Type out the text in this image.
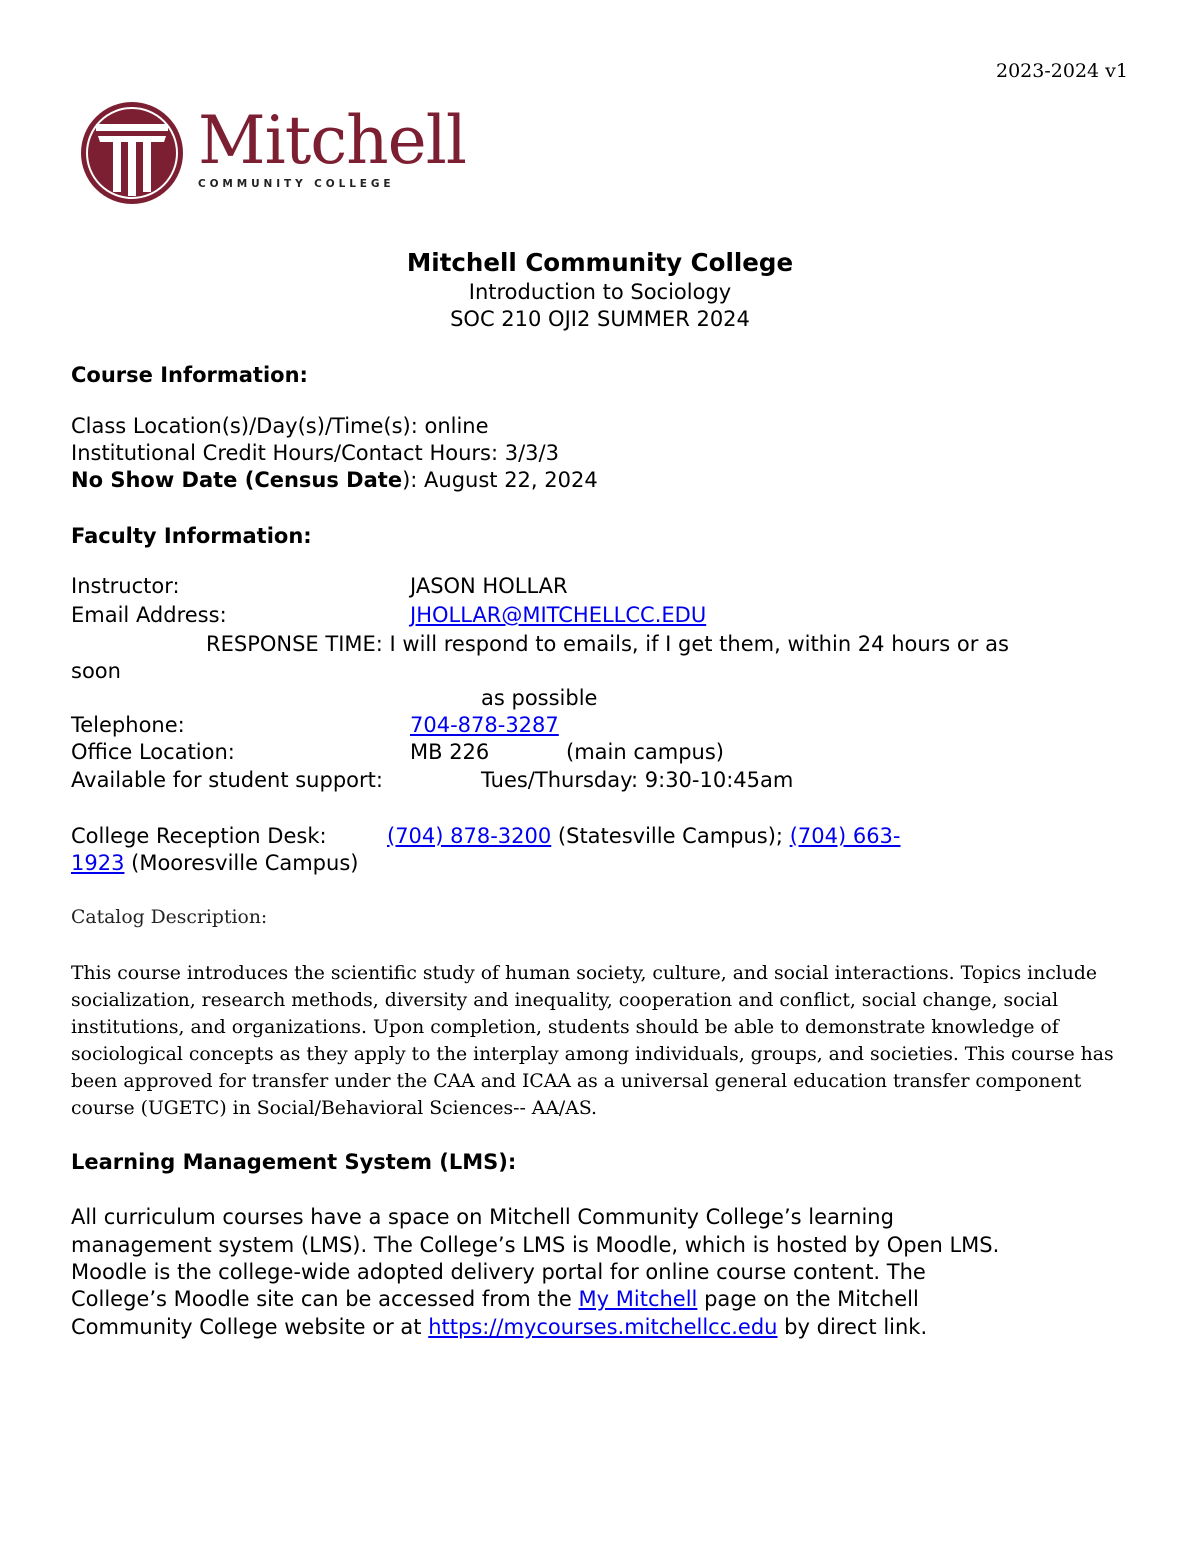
2023-2024 v1
Mitchell
COMMUNITY COLLEGE
Mitchell Community College
Introduction to Sociology
SOC 210 OJI2 SUMMER 2024
Course Information:
Class Location(s)/Day(s)/Time(s): online
Institutional Credit Hours/Contact Hours: 3/3/3
No Show Date (Census Date): August 22, 2024
Faculty Information:
Instructor:	JASON HOLLAR
Email Address:	JHOLLAR@MITCHELLCC.EDU
RESPONSE TIME: I will respond to emails, if I get them, within 24 hours or as
soon
as possible
Telephone:	704-878-3287
Office Location:	MB 226	(main campus)
Available for student support:	Tues/Thursday: 9:30-10:45am
College Reception Desk:	(704) 878-3200 (Statesville Campus); (704) 663-
1923 (Mooresville Campus)
Catalog Description:
This course introduces the scientific study of human society, culture, and social interactions. Topics include
socialization, research methods, diversity and inequality, cooperation and conflict, social change, social
institutions, and organizations. Upon completion, students should be able to demonstrate knowledge of
sociological concepts as they apply to the interplay among individuals, groups, and societies. This course has
been approved for transfer under the CAA and ICAA as a universal general education transfer component
course (UGETC) in Social/Behavioral Sciences-- AA/AS.
Learning Management System (LMS):
All curriculum courses have a space on Mitchell Community College’s learning
management system (LMS). The College’s LMS is Moodle, which is hosted by Open LMS.
Moodle is the college-wide adopted delivery portal for online course content. The
College’s Moodle site can be accessed from the My Mitchell page on the Mitchell
Community College website or at https://mycourses.mitchellcc.edu by direct link.
